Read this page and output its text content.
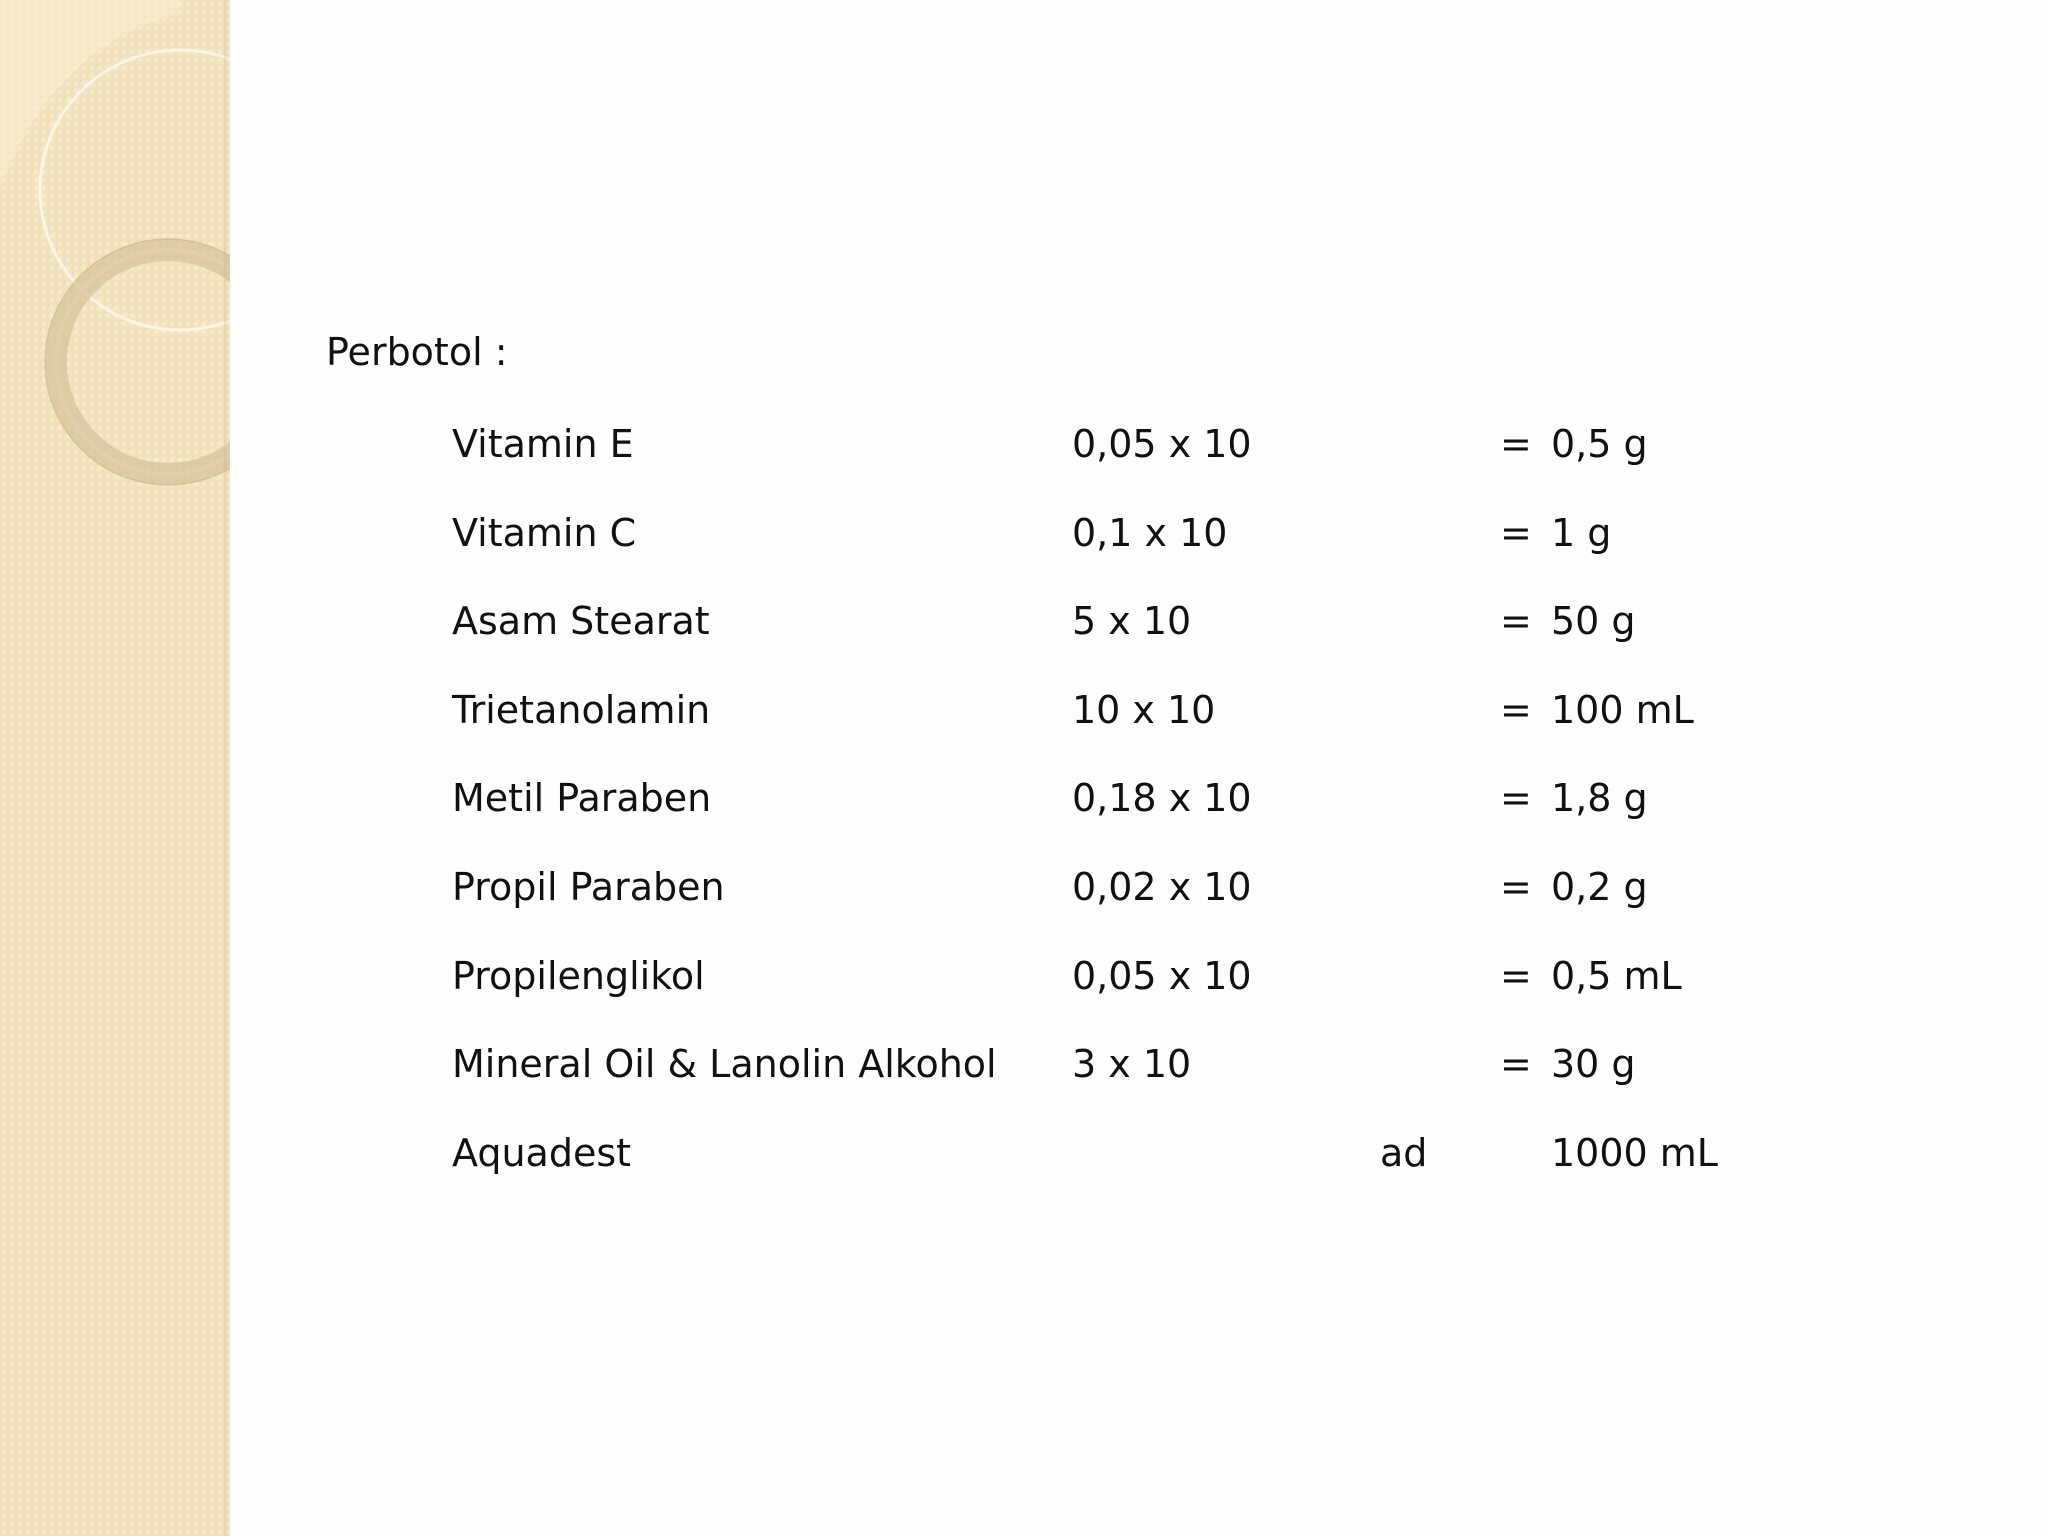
Perbotol :
Vitamin E	0,05 x 10	= 0,5 g
Vitamin C	0,1 x 10	= 1 g
Asam Stearat	5 x 10	= 50 g
Trietanolamin	10 x 10	= 100 mL
Metil Paraben	0,18 x 10	= 1,8 g
Propil Paraben	0,02 x 10	= 0,2 g
Propilenglikol	0,05 x 10	= 0,5 mL
Mineral Oil & Lanolin Alkohol 3 x 10	= 30 g
Aquadest	ad	1000 mL
